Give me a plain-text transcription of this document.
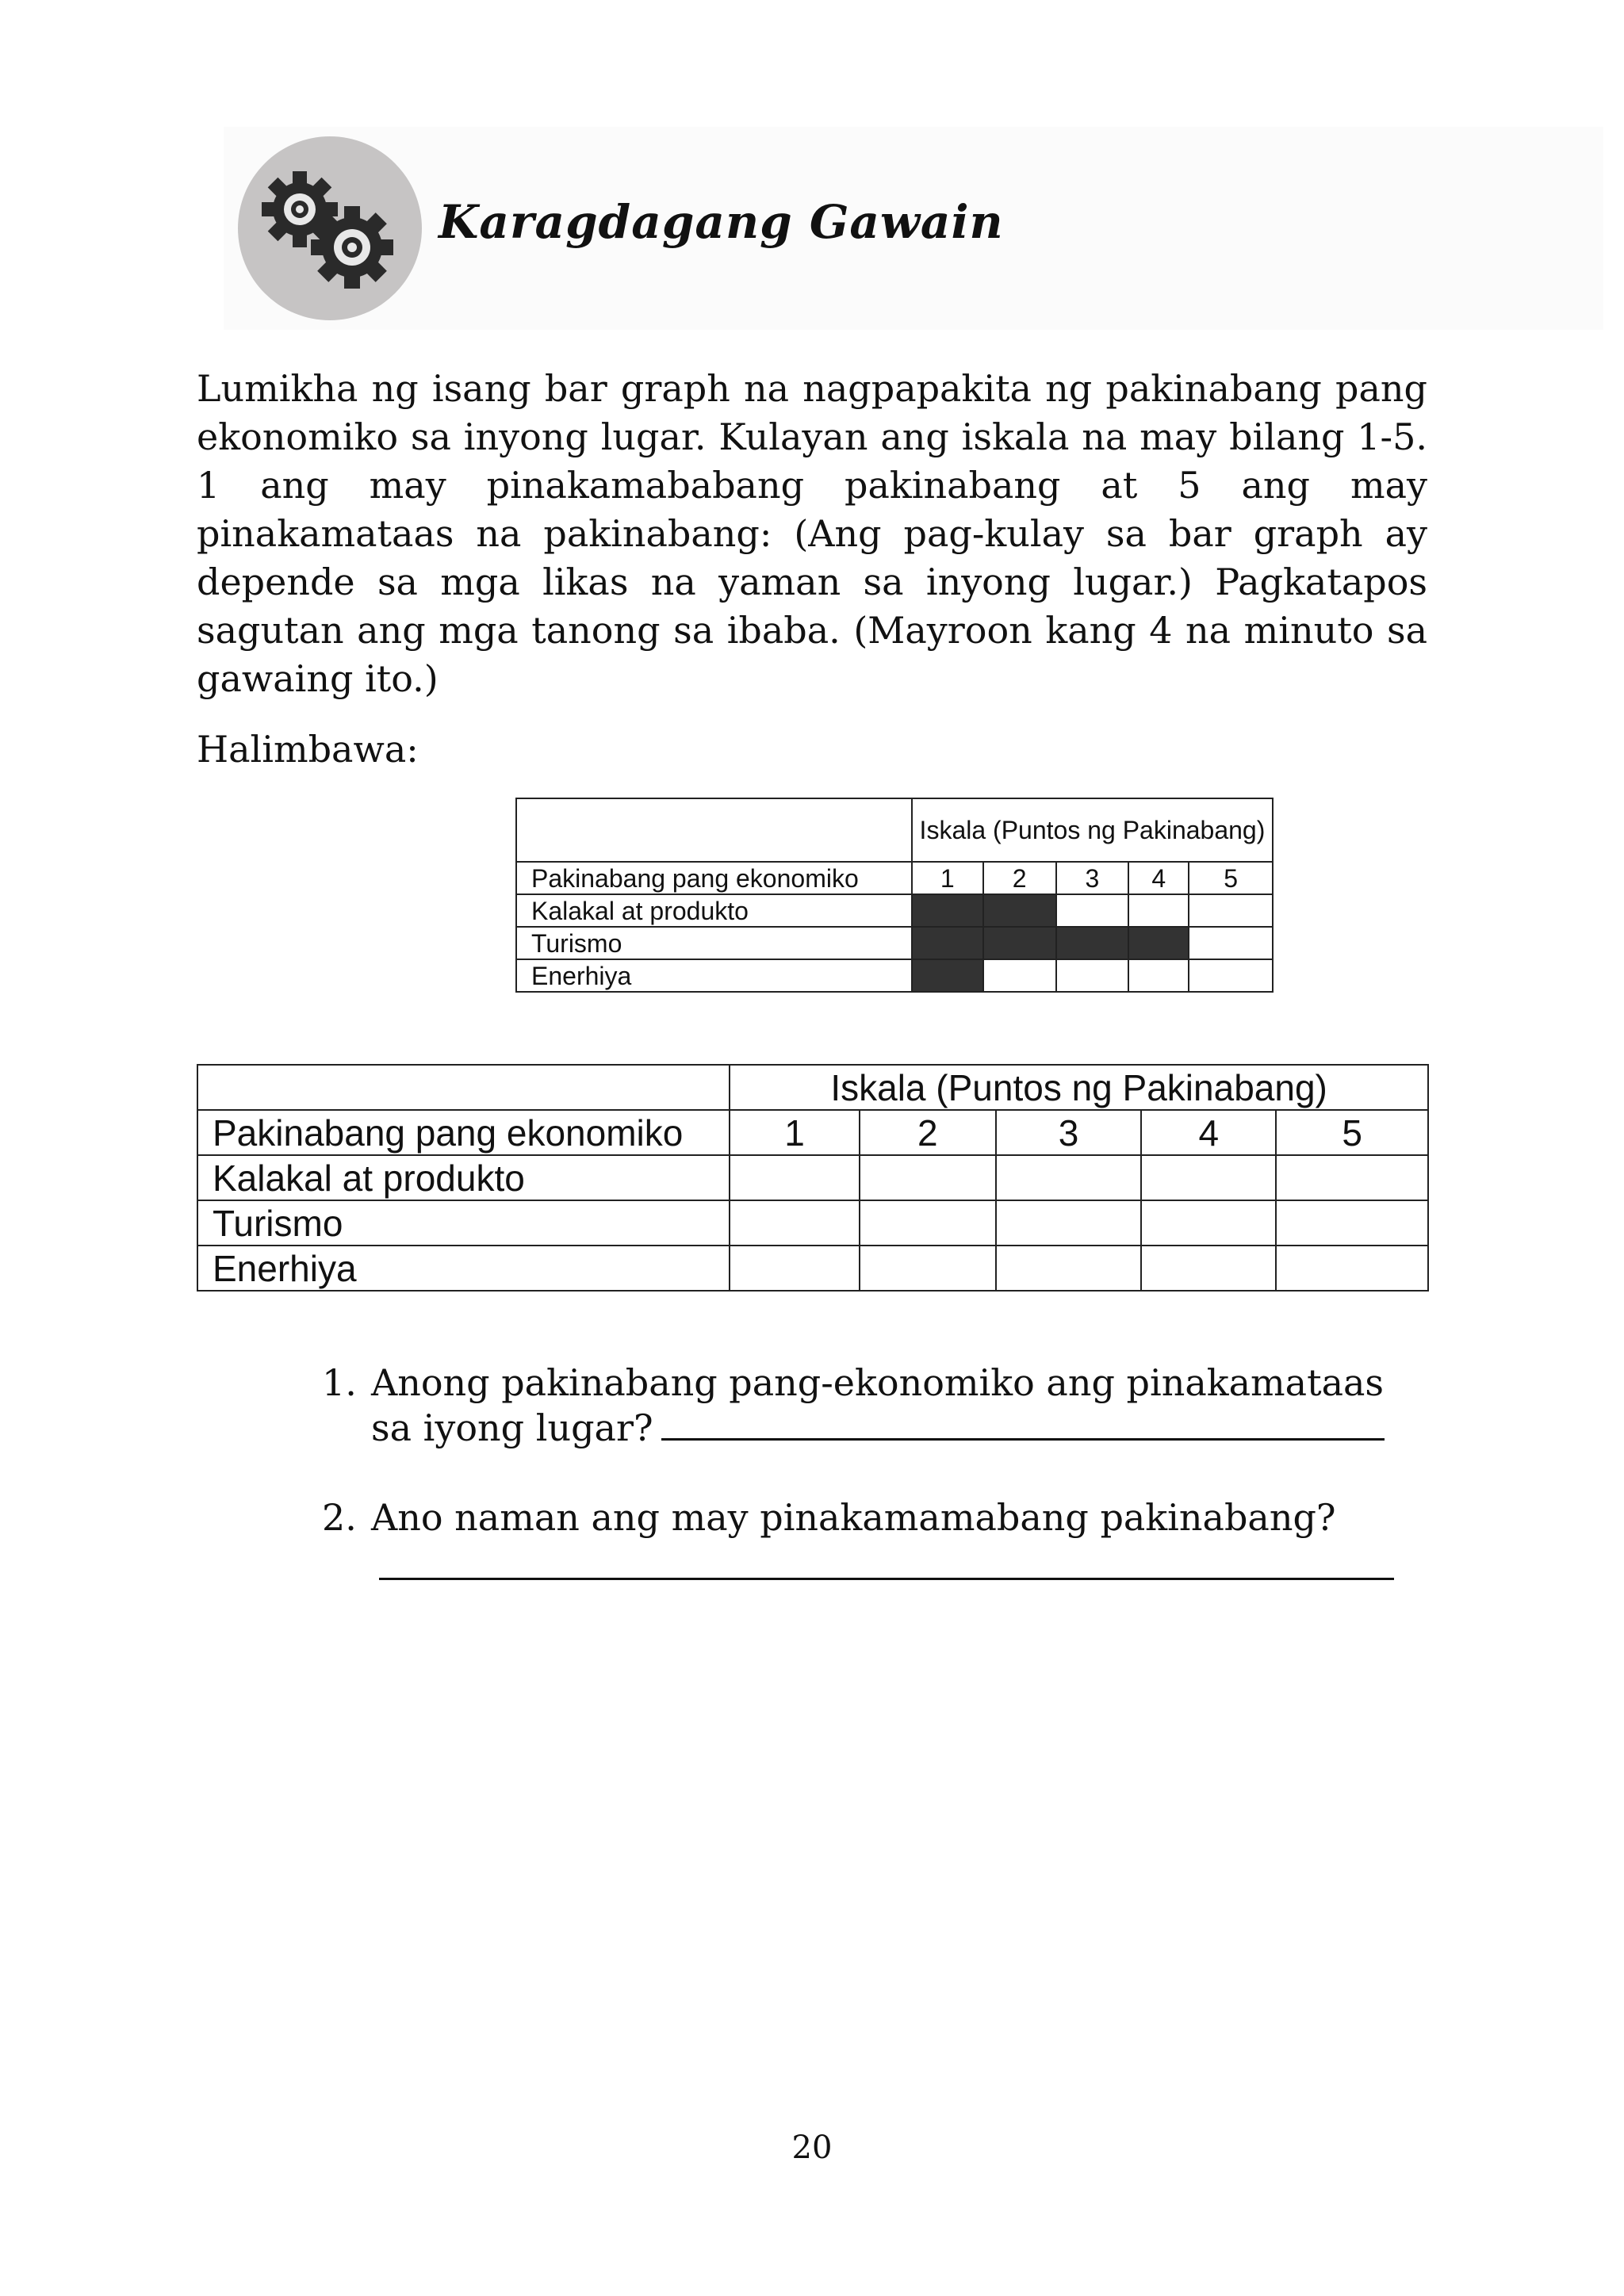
Karagdagang Gawain

Lumikha ng isang bar graph na nagpapakita ng pakinabang pang ekonomiko sa inyong lugar. Kulayan ang iskala na may bilang 1-5. 1 ang may pinakamababang pakinabang at 5 ang may pinakamataas na pakinabang: (Ang pag-kulay sa bar graph ay depende sa mga likas na yaman sa inyong lugar.) Pagkatapos sagutan ang mga tanong sa ibaba. (Mayroon kang 4 na minuto sa gawaing ito.)

Halimbawa:

	Iskala (Puntos ng Pakinabang)				
Pakinabang pang ekonomiko	1	2	3	4	5
Kalakal at produkto					
Turismo					
Enerhiya					
	Iskala (Puntos ng Pakinabang)				
Pakinabang pang ekonomiko	1	2	3	4	5
Kalakal at produkto					
Turismo					
Enerhiya					
1. Anong pakinabang pang-ekonomiko ang pinakamataas
sa iyong lugar?
2. Ano naman ang may pinakamamabang pakinabang?

20
